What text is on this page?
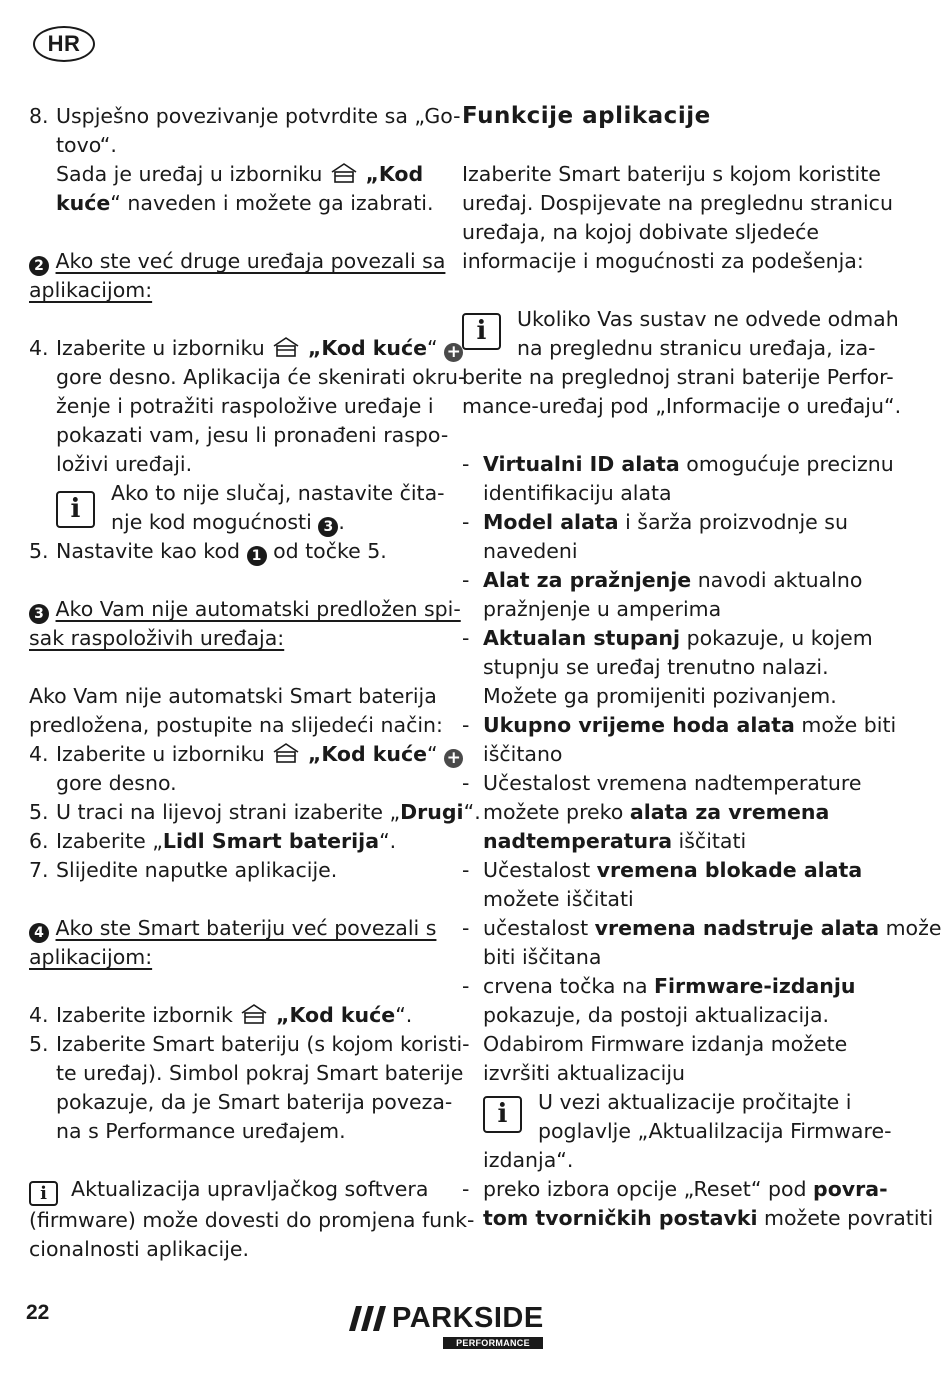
HR
8. Uspješno povezivanje potvrdite sa „Go-
tovo“.
Sada je uređaj u izborniku „Kod
kuće“ naveden i možete ga izabrati.
2 Ako ste već druge uređaja povezali sa
aplikacijom:
4. Izaberite u izborniku „Kod kuće“ +
gore desno. Aplikacija će skenirati okru-
ženje i potražiti raspoložive uređaje i
pokazati vam, jesu li pronađeni raspo-
loživi uređaji.
i
Ako to nije slučaj, nastavite čita-
nje kod mogućnosti 3 .
5. Nastavite kao kod 1 od točke 5.
3 Ako Vam nije automatski predložen spi-
sak raspoloživih uređaja:
Ako Vam nije automatski Smart baterija
predložena, postupite na slijedeći način:
4. Izaberite u izborniku „Kod kuće“ +
gore desno.
5. U traci na lijevoj strani izaberite „Drugi“.
6. Izaberite „Lidl Smart baterija“.
7. Slijedite naputke aplikacije.
4 Ako ste Smart bateriju već povezali s
aplikacijom:
4. Izaberite izbornik „Kod kuće“.
5. Izaberite Smart bateriju (s kojom koristi-
te uređaj). Simbol pokraj Smart baterije
pokazuje, da je Smart baterija poveza-
na s Performance uređajem.
i Aktualizacija upravljačkog softvera
(firmware) može dovesti do promjena funk-
cionalnosti aplikacije.
Funkcije aplikacije
Izaberite Smart bateriju s kojom koristite
uređaj. Dospijevate na preglednu stranicu
uređaja, na kojoj dobivate sljedeće
informacije i mogućnosti za podešenja:
i	Ukoliko Vas sustav ne odvede odmah
na preglednu stranicu uređaja, iza-
berite na preglednoj strani baterije Perfor-
mance-uređaj pod „Informacije o uređaju“.
- Virtualni ID alata omogućuje preciznu
identifikaciju alata
- Model alata i šarža proizvodnje su
navedeni
- Alat za pražnjenje navodi aktualno
pražnjenje u amperima
- Aktualan stupanj pokazuje, u kojem
stupnju se uređaj trenutno nalazi.
Možete ga promijeniti pozivanjem.
- Ukupno vrijeme hoda alata može biti
iščitano
- Učestalost vremena nadtemperature
možete preko alata za vremena
nadtemperatura iščitati
- Učestalost vremena blokade alata
možete iščitati
- učestalost vremena nadstruje alata može
biti iščitana
- crvena točka na Firmware-izdanju
pokazuje, da postoji aktualizacija.
Odabirom Firmware izdanja možete
izvršiti aktualizaciju
i	U vezi aktualizacije pročitajte i
poglavlje „Aktualilzacija Firmware-
izdanja“.
- preko izbora opcije „Reset“ pod povra-
tom tvorničkih postavki možete povratiti
22	PARKSIDE
PERFORMANCE
